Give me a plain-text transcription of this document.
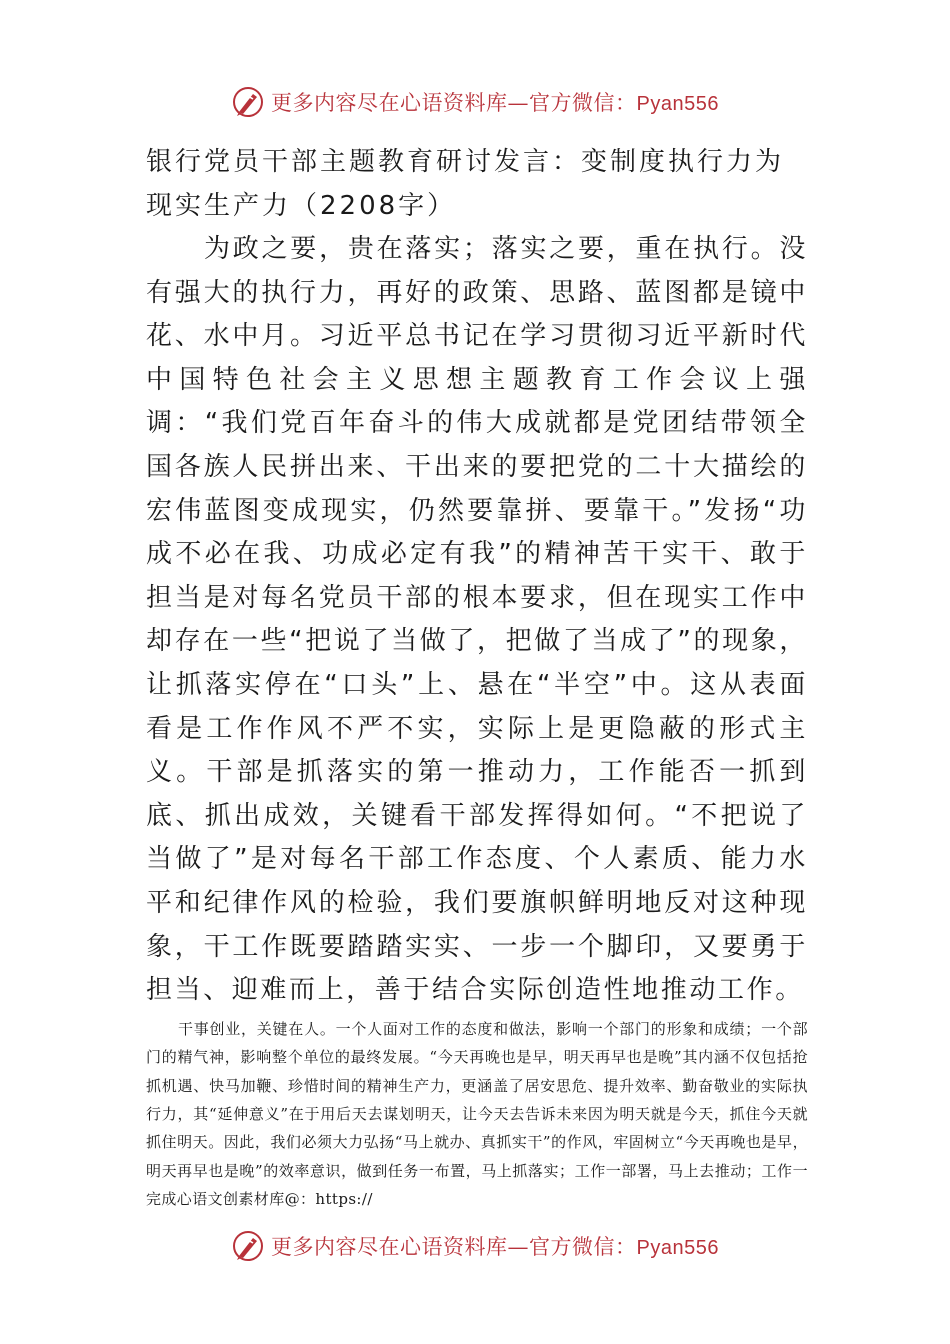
更多内容尽在心语资料库—官方微信：Pyan556
银行党员干部主题教育研讨发言：变制度执行力为现实生产力（2208字）

为政之要，贵在落实；落实之要，重在执行。没有强大的执行力，再好的政策、思路、蓝图都是镜中花、水中月。习近平总书记在学习贯彻习近平新时代中国特色社会主义思想主题教育工作会议上强调：“我们党百年奋斗的伟大成就都是党团结带领全国各族人民拼出来、干出来的要把党的二十大描绘的宏伟蓝图变成现实，仍然要靠拼、要靠干。”发扬“功成不必在我、功成必定有我”的精神苦干实干、敢于担当是对每名党员干部的根本要求，但在现实工作中却存在一些“把说了当做了，把做了当成了”的现象，让抓落实停在“口头”上、悬在“半空”中。这从表面看是工作作风不严不实，实际上是更隐蔽的形式主义。干部是抓落实的第一推动力，工作能否一抓到底、抓出成效，关键看干部发挥得如何。“不把说了当做了”是对每名干部工作态度、个人素质、能力水平和纪律作风的检验，我们要旗帜鲜明地反对这种现象，干工作既要踏踏实实、一步一个脚印，又要勇于担当、迎难而上，善于结合实际创造性地推动工作。

干事创业，关键在人。一个人面对工作的态度和做法，影响一个部门的形象和成绩；一个部门的精气神，影响整个单位的最终发展。“今天再晚也是早，明天再早也是晚”其内涵不仅包括抢抓机遇、快马加鞭、珍惜时间的精神生产力，更涵盖了居安思危、提升效率、勤奋敬业的实际执行力，其“延伸意义”在于用后天去谋划明天，让今天去告诉未来因为明天就是今天，抓住今天就抓住明天。因此，我们必须大力弘扬“马上就办、真抓实干”的作风，牢固树立“今天再晚也是早，明天再早也是晚”的效率意识，做到任务一布置，马上抓落实；工作一部署，马上去推动；工作一完成心语文创素材库@：https://

更多内容尽在心语资料库—官方微信：Pyan556
